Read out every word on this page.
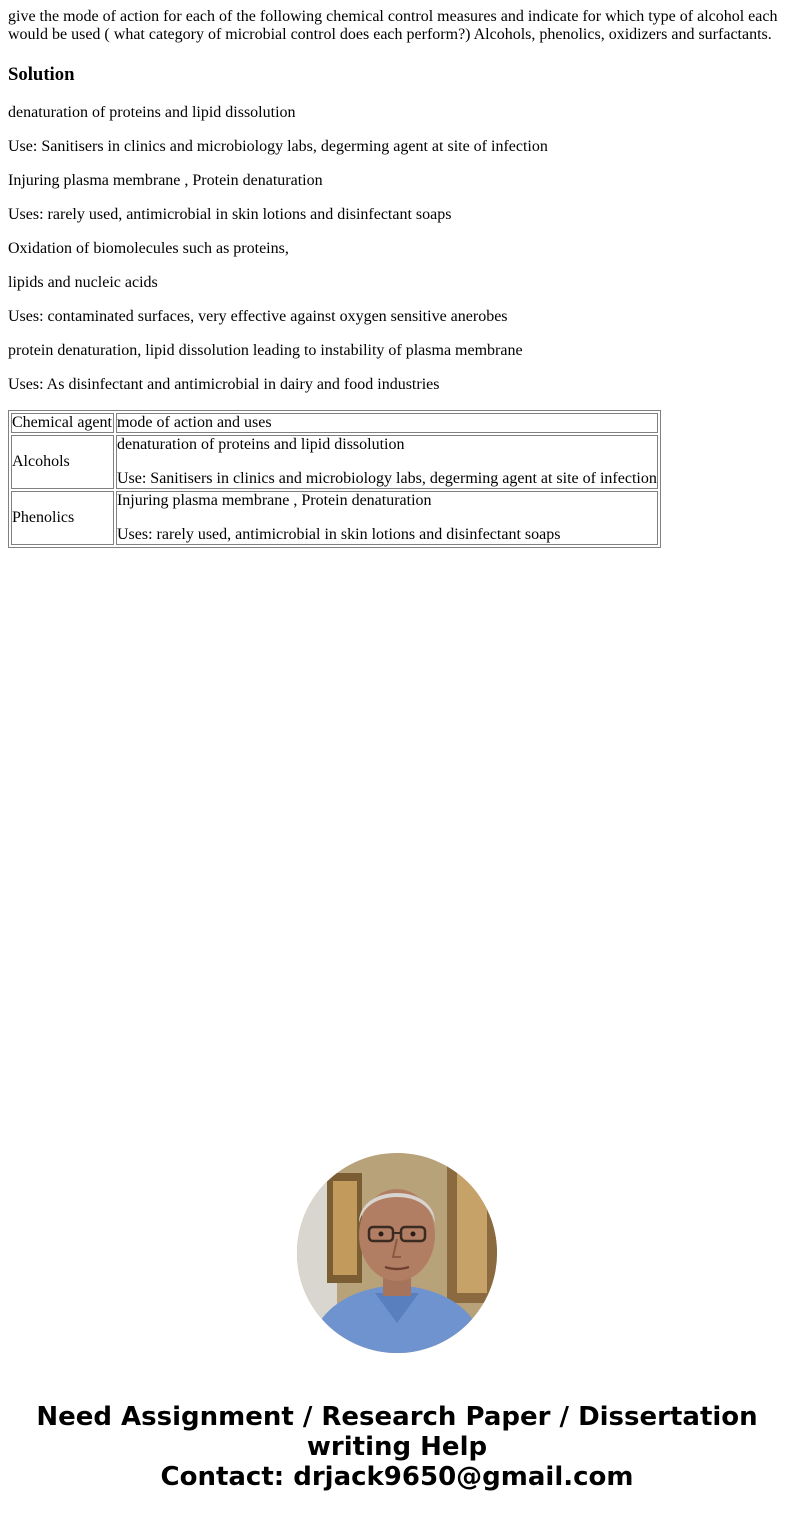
give the mode of action for each of the following chemical control measures and indicate for which type of alcohol each would be used ( what category of microbial control does each perform?) Alcohols, phenolics, oxidizers and surfactants.
Solution

denaturation of proteins and lipid dissolution

Use: Sanitisers in clinics and microbiology labs, degerming agent at site of infection

Injuring plasma membrane , Protein denaturation

Uses: rarely used, antimicrobial in skin lotions and disinfectant soaps

Oxidation of biomolecules such as proteins,

lipids and nucleic acids

Uses: contaminated surfaces, very effective against oxygen sensitive anerobes

protein denaturation, lipid dissolution leading to instability of plasma membrane

Uses: As disinfectant and antimicrobial in dairy and food industries

Chemical agent	mode of action and uses
Alcohols	denaturation of proteins and lipid dissolution

Use: Sanitisers in clinics and microbiology labs, degerming agent at site of infection

Phenolics	Injuring plasma membrane , Protein denaturation

Uses: rarely used, antimicrobial in skin lotions and disinfectant soaps

Need Assignment / Research Paper / Dissertation
writing Help
Contact: drjack9650@gmail.com
